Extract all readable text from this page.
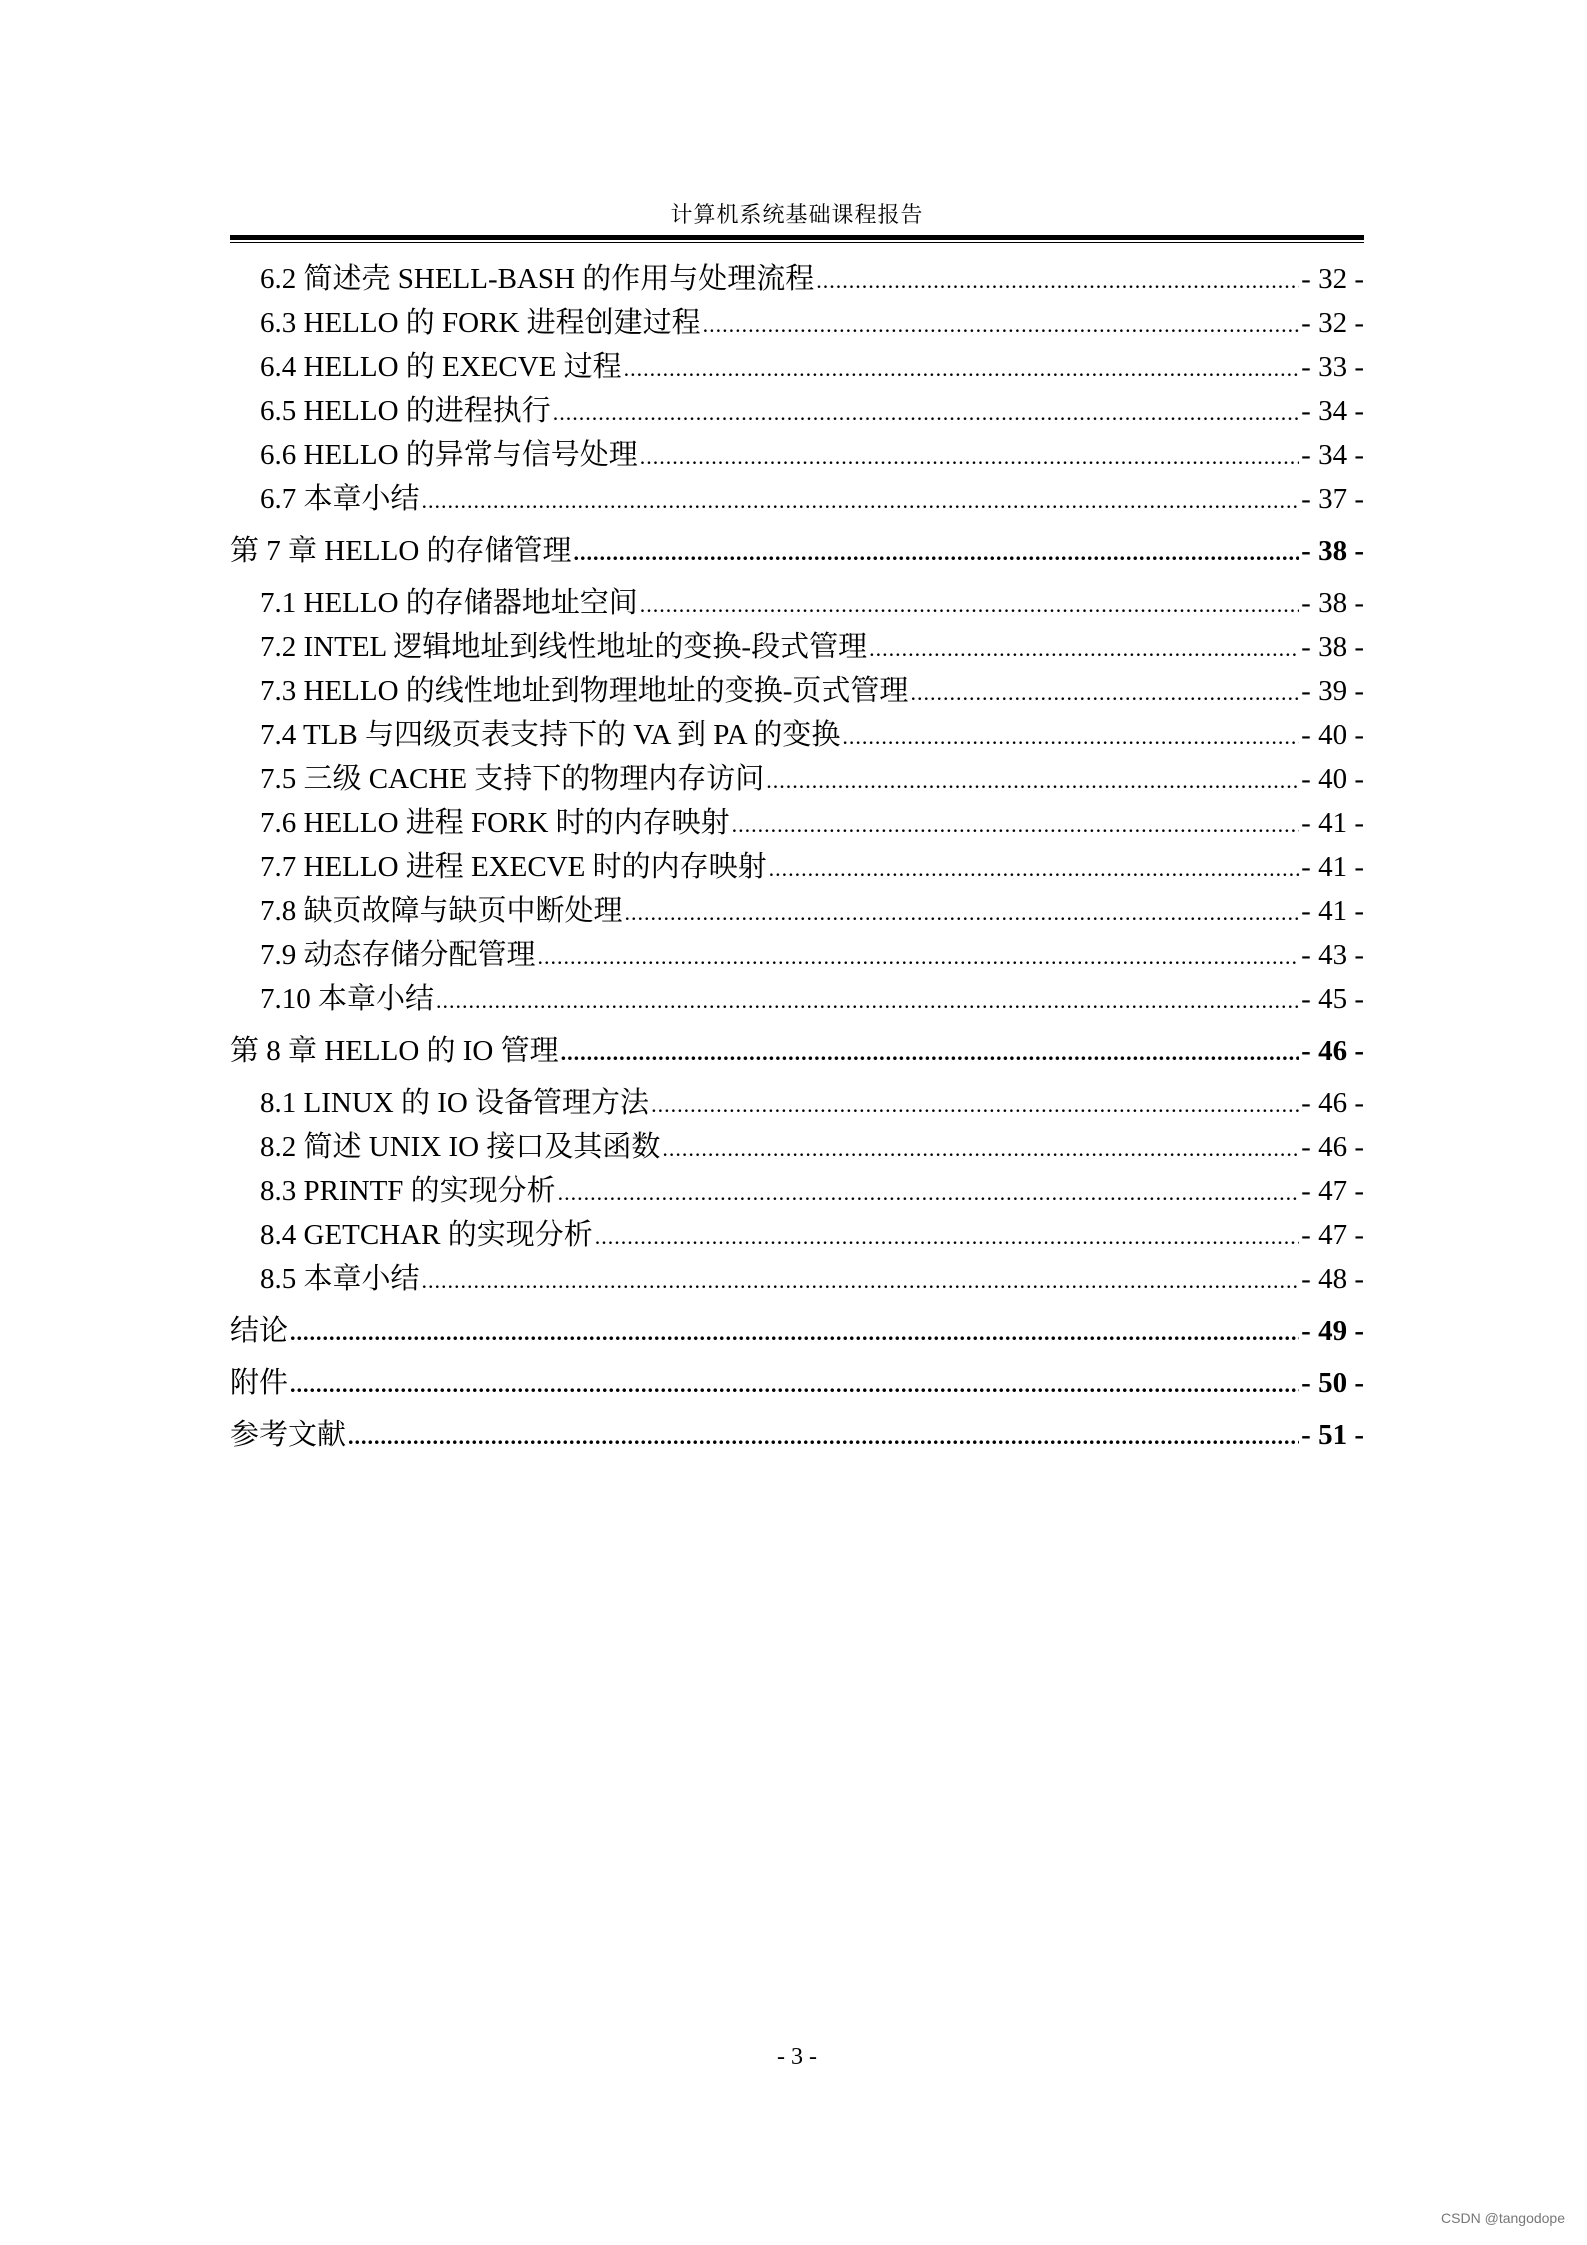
计算机系统基础课程报告
6.2 简述壳 SHELL-BASH 的作用与处理流程 .....	- 32 -
6.3 HELLO 的 FORK 进程创建过程 .....	- 32 -
6.4 HELLO 的 EXECVE 过程 .....	- 33 -
6.5 HELLO 的进程执行 .....	- 34 -
6.6 HELLO 的异常与信号处理 .....	- 34 -
6.7 本章小结 .....	- 37 -
第 7 章 HELLO 的存储管理 .....	- 38 -
7.1 HELLO 的存储器地址空间 .....	- 38 -
7.2 INTEL 逻辑地址到线性地址的变换-段式管理 .....	- 38 -
7.3 HELLO 的线性地址到物理地址的变换-页式管理 .....	- 39 -
7.4 TLB 与四级页表支持下的 VA 到 PA 的变换 .....	- 40 -
7.5 三级 CACHE 支持下的物理内存访问 .....	- 40 -
7.6 HELLO 进程 FORK 时的内存映射 .....	- 41 -
7.7 HELLO 进程 EXECVE 时的内存映射 .....	- 41 -
7.8 缺页故障与缺页中断处理 .....	- 41 -
7.9 动态存储分配管理 .....	- 43 -
7.10 本章小结 .....	- 45 -
第 8 章 HELLO 的 IO 管理 .....	- 46 -
8.1 LINUX 的 IO 设备管理方法 .....	- 46 -
8.2 简述 UNIX IO 接口及其函数 .....	- 46 -
8.3 PRINTF 的实现分析 .....	- 47 -
8.4 GETCHAR 的实现分析 .....	- 47 -
8.5 本章小结 .....	- 48 -
结论 .....	- 49 -
附件 .....	- 50 -
参考文献 .....	- 51 -
- 3 -
CSDN @tangodope
